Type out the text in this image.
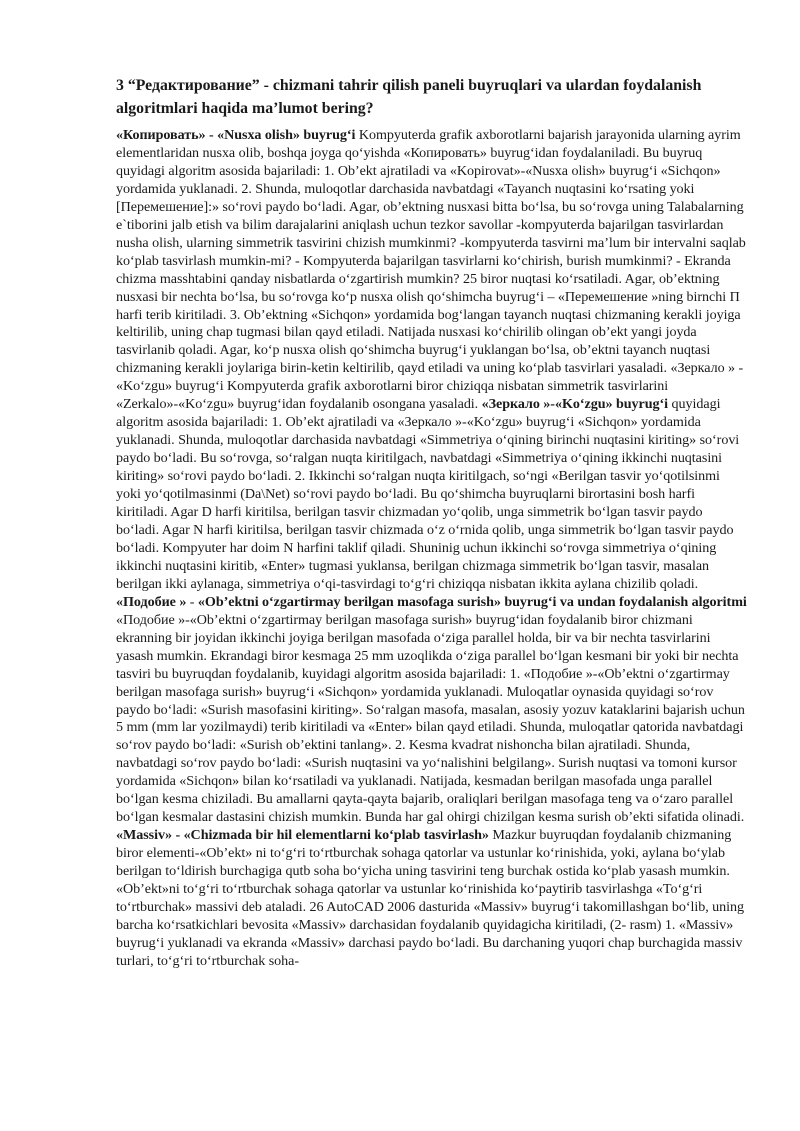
3 “Редактирование” - chizmani tahrir qilish paneli buyruqlari va ulardan foydalanish algoritmlari haqida ma’lumot bering?

«Копировать» - «Nusxa olish» buyrug‘i Kompyuterda grafik axborotlarni bajarish jarayonida ularning ayrim elementlaridan nusxa olib, boshqa joyga qo‘yishda «Копировать» buyrug‘idan foydalaniladi. Bu buyruq quyidagi algoritm asosida bajariladi: 1. Ob’ekt ajratiladi va «Kopirovat»-«Nusxa olish» buyrug‘i «Sichqon» yordamida yuklanadi. 2. Shunda, muloqotlar darchasida navbatdagi «Tayanch nuqtasini ko‘rsating yoki [Перемешение]:» so‘rovi paydo bo‘ladi. Agar, ob’ektning nusxasi bitta bo‘lsa, bu so‘rovga uning Talabalarning e`tiborini jalb etish va bilim darajalarini aniqlash uchun tezkor savollar -kompyuterda bajarilgan tasvirlardan nusha olish, ularning simmetrik tasvirini chizish mumkinmi? -kompyuterda tasvirni ma’lum bir intervalni saqlab ko‘plab tasvirlash mumkin-mi? - Kompyuterda bajarilgan tasvirlarni ko‘chirish, burish mumkinmi? - Ekranda chizma masshtabini qanday nisbatlarda o‘zgartirish mumkin? 25 biror nuqtasi ko‘rsatiladi. Agar, ob’ektning nusxasi bir nechta bo‘lsa, bu so‘rovga ko‘p nusxa olish qo‘shimcha buyrug‘i – «Перемешение »ning birnchi П harfi terib kiritiladi. 3. Ob’ektning «Sichqon» yordamida bog‘langan tayanch nuqtasi chizmaning kerakli joyiga keltirilib, uning chap tugmasi bilan qayd etiladi. Natijada nusxasi ko‘chirilib olingan ob’ekt yangi joyda tasvirlanib qoladi. Agar, ko‘p nusxa olish qo‘shimcha buyrug‘i yuklangan bo‘lsa, ob’ektni tayanch nuqtasi chizmaning kerakli joylariga birin-ketin keltirilib, qayd etiladi va uning ko‘plab tasvirlari yasaladi. «Зеркало » - «Ko‘zgu» buyrug‘i Kompyuterda grafik axborotlarni biror chiziqqa nisbatan simmetrik tasvirlarini «Zerkalo»-«Ko‘zgu» buyrug‘idan foydalanib osongana yasaladi. «Зеркало »-«Ko‘zgu» buyrug‘i quyidagi algoritm asosida bajariladi: 1. Ob’ekt ajratiladi va «Зеркало »-«Ko‘zgu» buyrug‘i «Sichqon» yordamida yuklanadi. Shunda, muloqotlar darchasida navbatdagi «Simmetriya o‘qining birinchi nuqtasini kiriting» so‘rovi paydo bo‘ladi. Bu so‘rovga, so‘ralgan nuqta kiritilgach, navbatdagi «Simmetriya o‘qining ikkinchi nuqtasini kiriting» so‘rovi paydo bo‘ladi. 2. Ikkinchi so‘ralgan nuqta kiritilgach, so‘ngi «Berilgan tasvir yo‘qotilsinmi yoki yo‘qotilmasinmi (Da\Net) so‘rovi paydo bo‘ladi. Bu qo‘shimcha buyruqlarni birortasini bosh harfi kiritiladi. Agar D harfi kiritilsa, berilgan tasvir chizmadan yo‘qolib, unga simmetrik bo‘lgan tasvir paydo bo‘ladi. Agar N harfi kiritilsa, berilgan tasvir chizmada o‘z o‘rnida qolib, unga simmetrik bo‘lgan tasvir paydo bo‘ladi. Kompyuter har doim N harfini taklif qiladi. Shuninig uchun ikkinchi so‘rovga simmetriya o‘qining ikkinchi nuqtasini kiritib, «Enter» tugmasi yuklansa, berilgan chizmaga simmetrik bo‘lgan tasvir, masalan berilgan ikki aylanaga, simmetriya o‘qi-tasvirdagi to‘g‘ri chiziqqa nisbatan ikkita aylana chizilib qoladi. «Подобие » - «Ob’ektni o‘zgartirmay berilgan masofaga surish» buyrug‘i va undan foydalanish algoritmi «Подобие »-«Ob’ektni o‘zgartirmay berilgan masofaga surish» buyrug‘idan foydalanib biror chizmani ekranning bir joyidan ikkinchi joyiga berilgan masofada o‘ziga parallel holda, bir va bir nechta tasvirlarini yasash mumkin. Ekrandagi biror kesmaga 25 mm uzoqlikda o‘ziga parallel bo‘lgan kesmani bir yoki bir nechta tasviri bu buyruqdan foydalanib, kuyidagi algoritm asosida bajariladi: 1. «Подобие »-«Ob’ektni o‘zgartirmay berilgan masofaga surish» buyrug‘i «Sichqon» yordamida yuklanadi. Muloqatlar oynasida quyidagi so‘rov paydo bo‘ladi: «Surish masofasini kiriting». So‘ralgan masofa, masalan, asosiy yozuv kataklarini bajarish uchun 5 mm (mm lar yozilmaydi) terib kiritiladi va «Enter» bilan qayd etiladi. Shunda, muloqatlar qatorida navbatdagi so‘rov paydo bo‘ladi: «Surish ob’ektini tanlang». 2. Kesma kvadrat nishoncha bilan ajratiladi. Shunda, navbatdagi so‘rov paydo bo‘ladi: «Surish nuqtasini va yo‘nalishini belgilang». Surish nuqtasi va tomoni kursor yordamida «Sichqon» bilan ko‘rsatiladi va yuklanadi. Natijada, kesmadan berilgan masofada unga parallel bo‘lgan kesma chiziladi. Bu amallarni qayta-qayta bajarib, oraliqlari berilgan masofaga teng va o‘zaro parallel bo‘lgan kesmalar dastasini chizish mumkin. Bunda har gal ohirgi chizilgan kesma surish ob’ekti sifatida olinadi. «Massiv» - «Chizmada bir hil elementlarni ko‘plab tasvirlash» Mazkur buyruqdan foydalanib chizmaning biror elementi-«Ob’ekt» ni to‘g‘ri to‘rtburchak sohaga qatorlar va ustunlar ko‘rinishida, yoki, aylana bo‘ylab berilgan to‘ldirish burchagiga qutb soha bo‘yicha uning tasvirini teng burchak ostida ko‘plab yasash mumkin. «Ob’ekt»ni to‘g‘ri to‘rtburchak sohaga qatorlar va ustunlar ko‘rinishida ko‘paytirib tasvirlashga «To‘g‘ri to‘rtburchak» massivi deb ataladi. 26 AutoCAD 2006 dasturida «Massiv» buyrug‘i takomillashgan bo‘lib, uning barcha ko‘rsatkichlari bevosita «Massiv» darchasidan foydalanib quyidagicha kiritiladi, (2- rasm) 1. «Massiv» buyrug‘i yuklanadi va ekranda «Massiv» darchasi paydo bo‘ladi. Bu darchaning yuqori chap burchagida massiv turlari, to‘g‘ri to‘rtburchak soha-
